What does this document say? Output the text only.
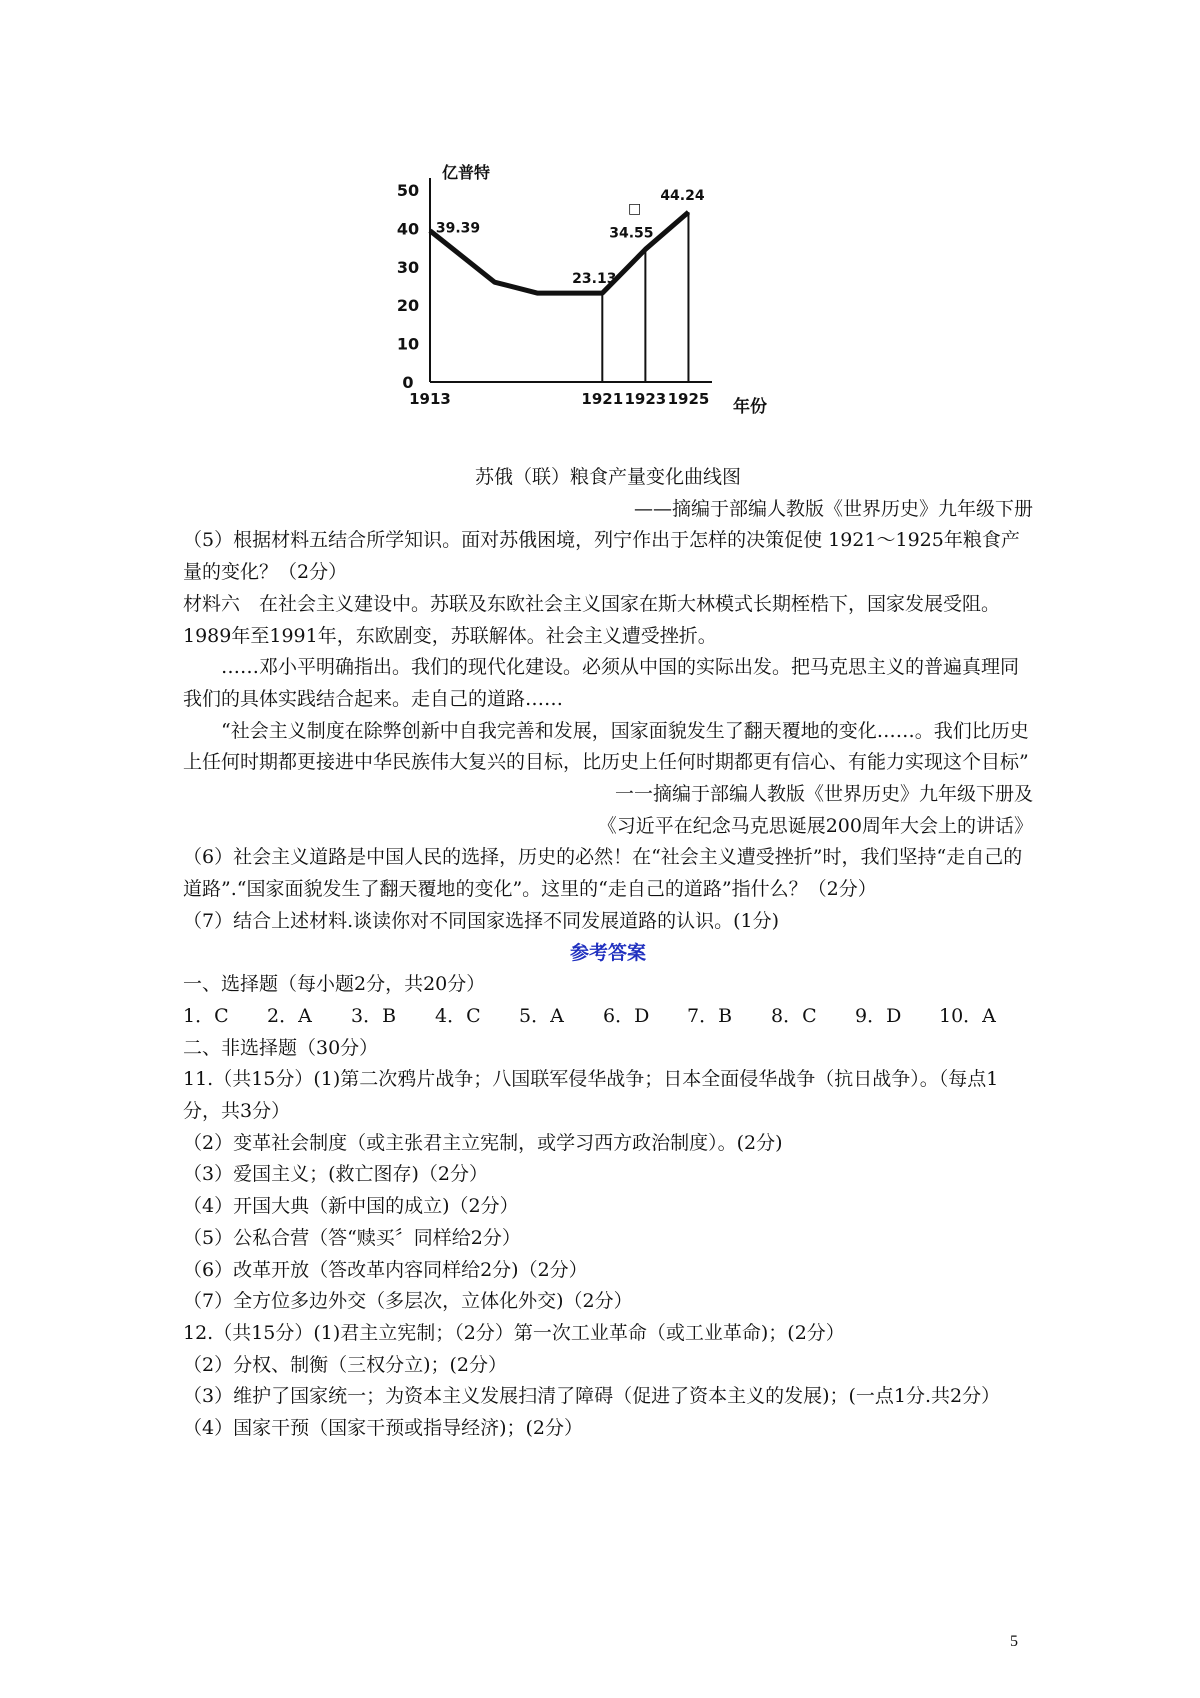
0
10
20
30
40
50
1913	1921 1923 1925
亿普特
年份
39.39
23.13
34.55
44.24
□

苏俄（联）粮食产量变化曲线图

——摘编于部编人教版《世界历史》九年级下册

（5）根据材料五结合所学知识。面对苏俄困境，列宁作出于怎样的决策促使 1921～1925年粮食产量的变化？（2分）

材料六　在社会主义建设中。苏联及东欧社会主义国家在斯大林模式长期桎梏下，国家发展受阻。1989年至1991年，东欧剧变，苏联解体。社会主义遭受挫折。

……邓小平明确指出。我们的现代化建设。必须从中国的实际出发。把马克思主义的普遍真理同我们的具体实践结合起来。走自己的道路……

“社会主义制度在除弊创新中自我完善和发展，国家面貌发生了翻天覆地的变化……。我们比历史上任何时期都更接进中华民族伟大复兴的目标，比历史上任何时期都更有信心、有能力实现这个目标”

一一摘编于部编人教版《世界历史》九年级下册及

《习近平在纪念马克思诞展200周年大会上的讲话》

（6）社会主义道路是中国人民的选择，历史的必然！在“社会主义遭受挫折”时，我们坚持“走自己的道路”.“国家面貌发生了翻天覆地的变化”。这里的“走自己的道路”指什么？（2分）

（7）结合上述材料.谈读你对不同国家选择不同发展道路的认识。(1分)

参考答案

一、选择题（每小题2分，共20分）

1．C	2．A	3．B	4．C	5．A	6．D	7．B	8．C	9．D	10．A

二、非选择题（30分）

11.（共15分）(1)第二次鸦片战争；八国联军侵华战争；日本全面侵华战争（抗日战争）。（每点1分，共3分）

（2）变革社会制度（或主张君主立宪制，或学习西方政治制度）。(2分)

（3）爱国主义；(救亡图存)（2分）

（4）开国大典（新中国的成立)（2分）

（5）公私合营（答“赎买〞同样给2分）

（6）改革开放（答改革内容同样给2分)（2分）

（7）全方位多边外交（多层次，立体化外交)（2分）

12.（共15分）(1)君主立宪制；（2分）第一次工业革命（或工业革命)；(2分）

（2）分权、制衡（三权分立)；(2分）

（3）维护了国家统一；为资本主义发展扫清了障碍（促进了资本主义的发展)；(一点1分.共2分）

（4）国家干预（国家干预或指导经济)；(2分）

5
